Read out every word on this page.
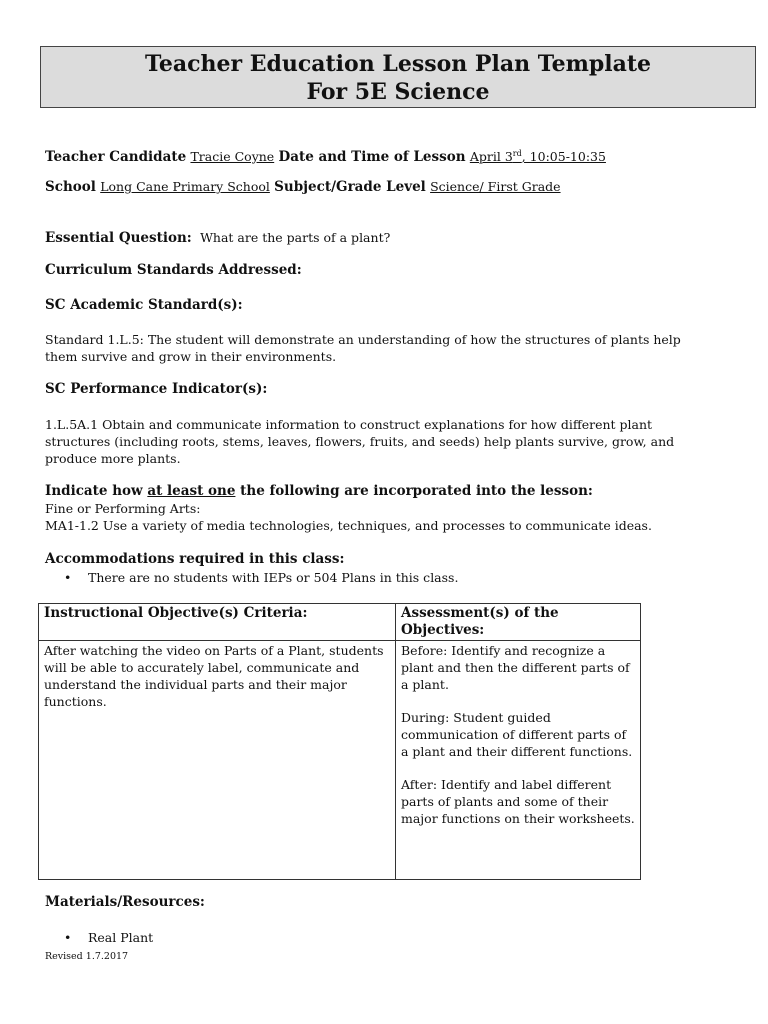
Teacher Education Lesson Plan Template
For 5E Science
Teacher Candidate Tracie Coyne Date and Time of Lesson April 3rd, 10:05-10:35
School Long Cane Primary School Subject/Grade Level Science/ First Grade
Essential Question: What are the parts of a plant?
Curriculum Standards Addressed:
SC Academic Standard(s):
Standard 1.L.5: The student will demonstrate an understanding of how the structures of plants help them survive and grow in their environments.
SC Performance Indicator(s):
1.L.5A.1 Obtain and communicate information to construct explanations for how different plant structures (including roots, stems, leaves, flowers, fruits, and seeds) help plants survive, grow, and produce more plants.
Indicate how at least one the following are incorporated into the lesson:
Fine or Performing Arts:
MA1-1.2 Use a variety of media technologies, techniques, and processes to communicate ideas.
Accommodations required in this class:
• There are no students with IEPs or 504 Plans in this class.
Instructional Objective(s) Criteria:	Assessment(s) of the Objectives:
After watching the video on Parts of a Plant, students will be able to accurately label, communicate and understand the individual parts and their major functions.	Before: Identify and recognize a plant and then the different parts of a plant.

During: Student guided communication of different parts of a plant and their different functions.

After: Identify and label different parts of plants and some of their major functions on their worksheets.

Materials/Resources:
• Real Plant
Revised 1.7.2017
